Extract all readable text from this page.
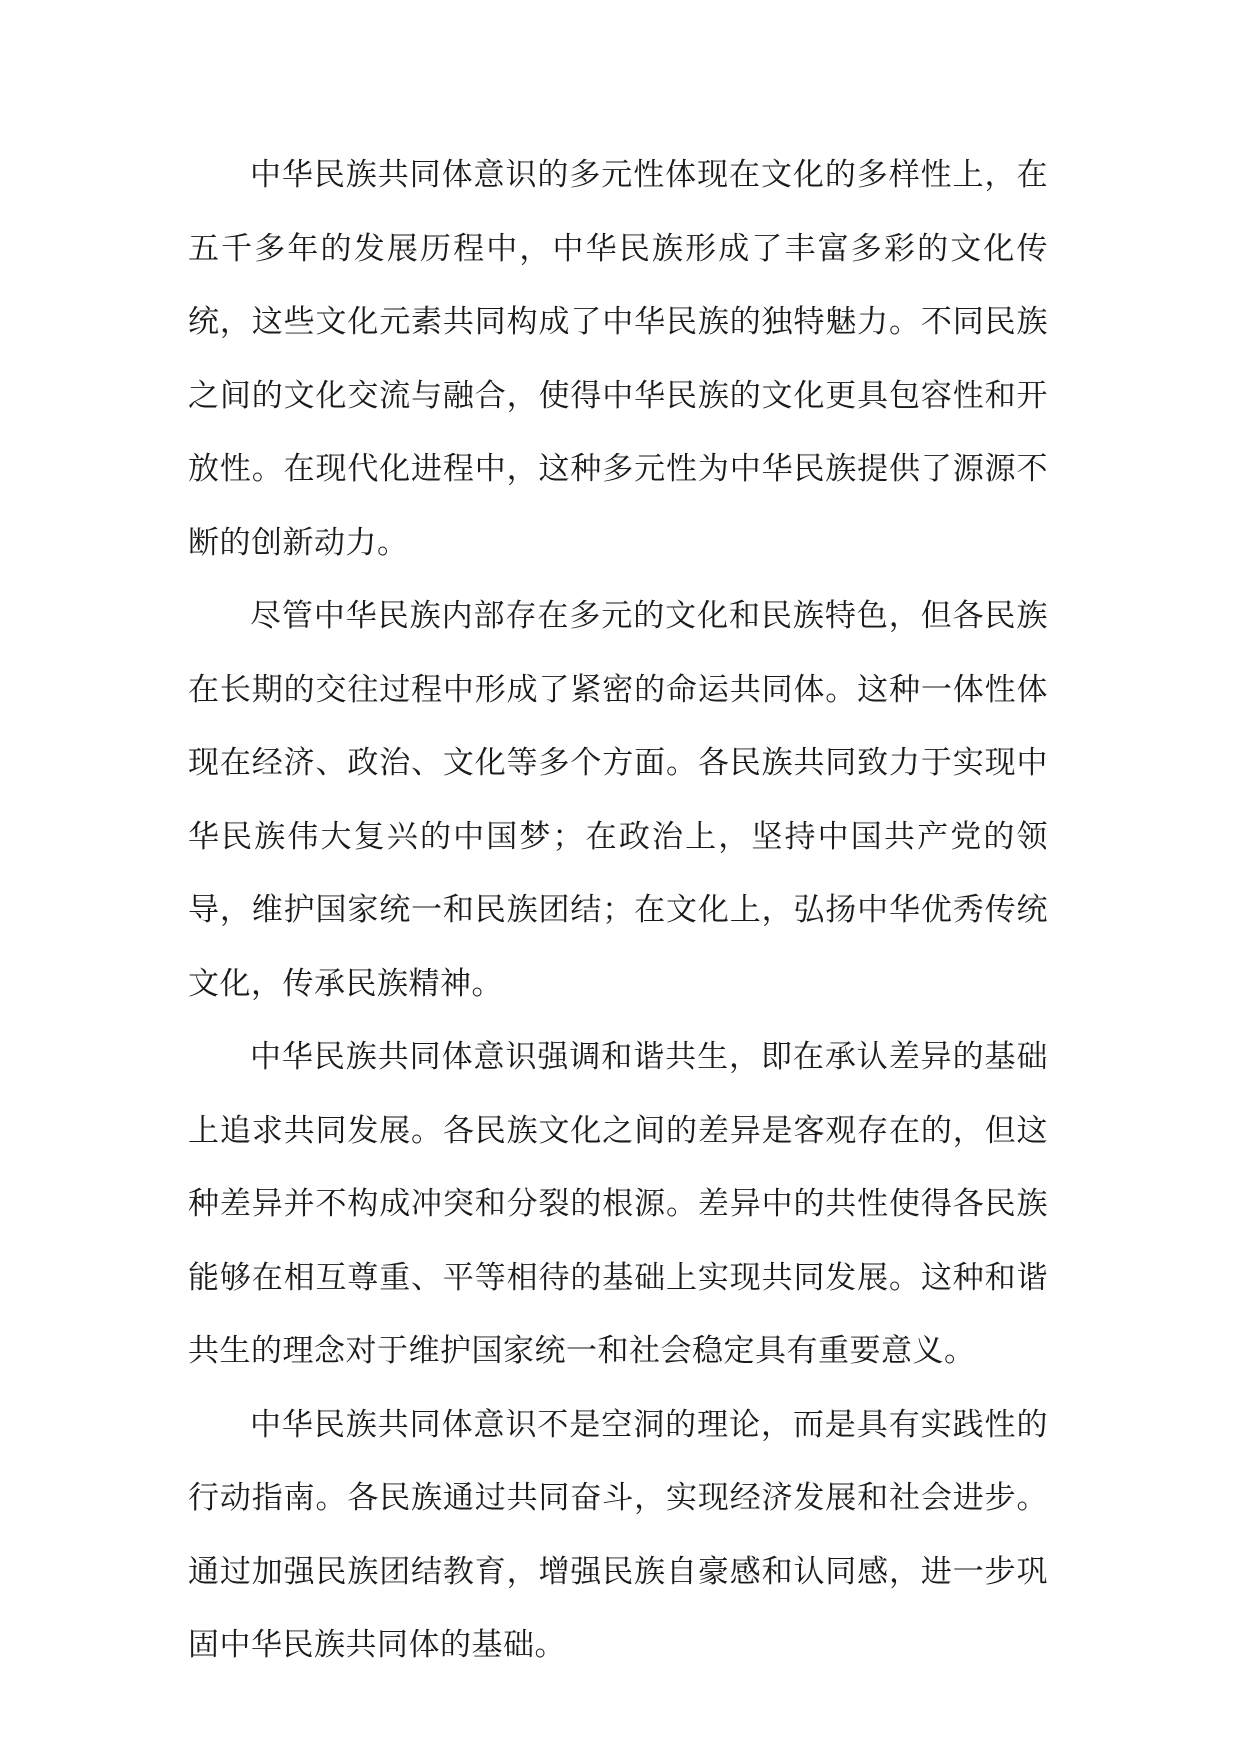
中华民族共同体意识的多元性体现在文化的多样性上，在五千多年的发展历程中，中华民族形成了丰富多彩的文化传统，这些文化元素共同构成了中华民族的独特魅力。不同民族之间的文化交流与融合，使得中华民族的文化更具包容性和开放性。在现代化进程中，这种多元性为中华民族提供了源源不断的创新动力。

尽管中华民族内部存在多元的文化和民族特色，但各民族在长期的交往过程中形成了紧密的命运共同体。这种一体性体现在经济、政治、文化等多个方面。各民族共同致力于实现中华民族伟大复兴的中国梦；在政治上，坚持中国共产党的领导，维护国家统一和民族团结；在文化上，弘扬中华优秀传统文化，传承民族精神。

中华民族共同体意识强调和谐共生，即在承认差异的基础上追求共同发展。各民族文化之间的差异是客观存在的，但这种差异并不构成冲突和分裂的根源。差异中的共性使得各民族能够在相互尊重、平等相待的基础上实现共同发展。这种和谐共生的理念对于维护国家统一和社会稳定具有重要意义。

中华民族共同体意识不是空洞的理论，而是具有实践性的行动指南。各民族通过共同奋斗，实现经济发展和社会进步。通过加强民族团结教育，增强民族自豪感和认同感，进一步巩固中华民族共同体的基础。
